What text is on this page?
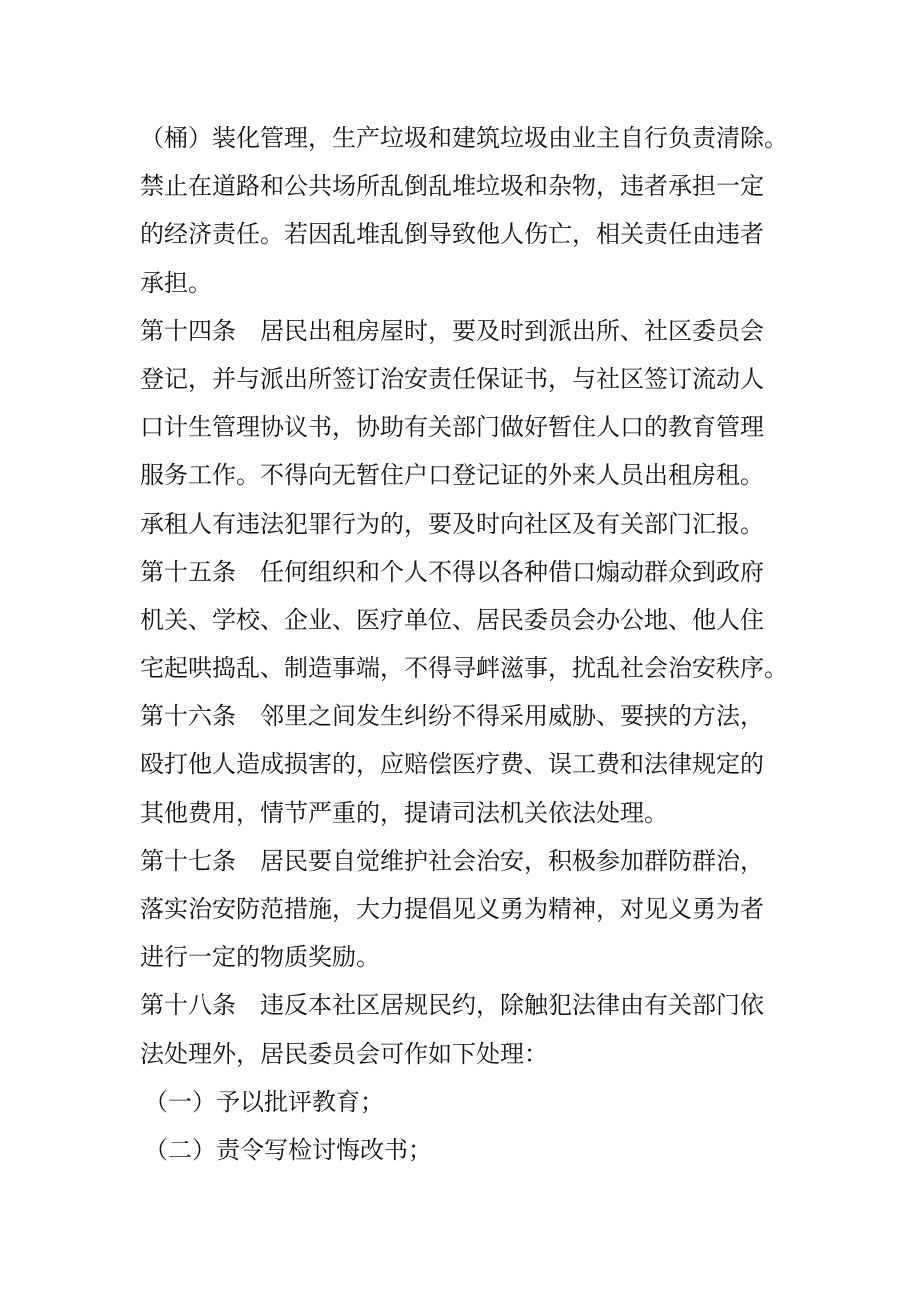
（桶）装化管理，生产垃圾和建筑垃圾由业主自行负责清除。
禁止在道路和公共场所乱倒乱堆垃圾和杂物，违者承担一定
的经济责任。若因乱堆乱倒导致他人伤亡，相关责任由违者
承担。
第十四条　居民出租房屋时，要及时到派出所、社区委员会
登记，并与派出所签订治安责任保证书，与社区签订流动人
口计生管理协议书，协助有关部门做好暂住人口的教育管理
服务工作。不得向无暂住户口登记证的外来人员出租房租。
承租人有违法犯罪行为的，要及时向社区及有关部门汇报。
第十五条　任何组织和个人不得以各种借口煽动群众到政府
机关、学校、企业、医疗单位、居民委员会办公地、他人住
宅起哄捣乱、制造事端，不得寻衅滋事，扰乱社会治安秩序。
第十六条　邻里之间发生纠纷不得采用威胁、要挟的方法，
殴打他人造成损害的，应赔偿医疗费、误工费和法律规定的
其他费用，情节严重的，提请司法机关依法处理。
第十七条　居民要自觉维护社会治安，积极参加群防群治，
落实治安防范措施，大力提倡见义勇为精神，对见义勇为者
进行一定的物质奖励。
第十八条　违反本社区居规民约，除触犯法律由有关部门依
法处理外，居民委员会可作如下处理：
（一）予以批评教育；
（二）责令写检讨悔改书；
